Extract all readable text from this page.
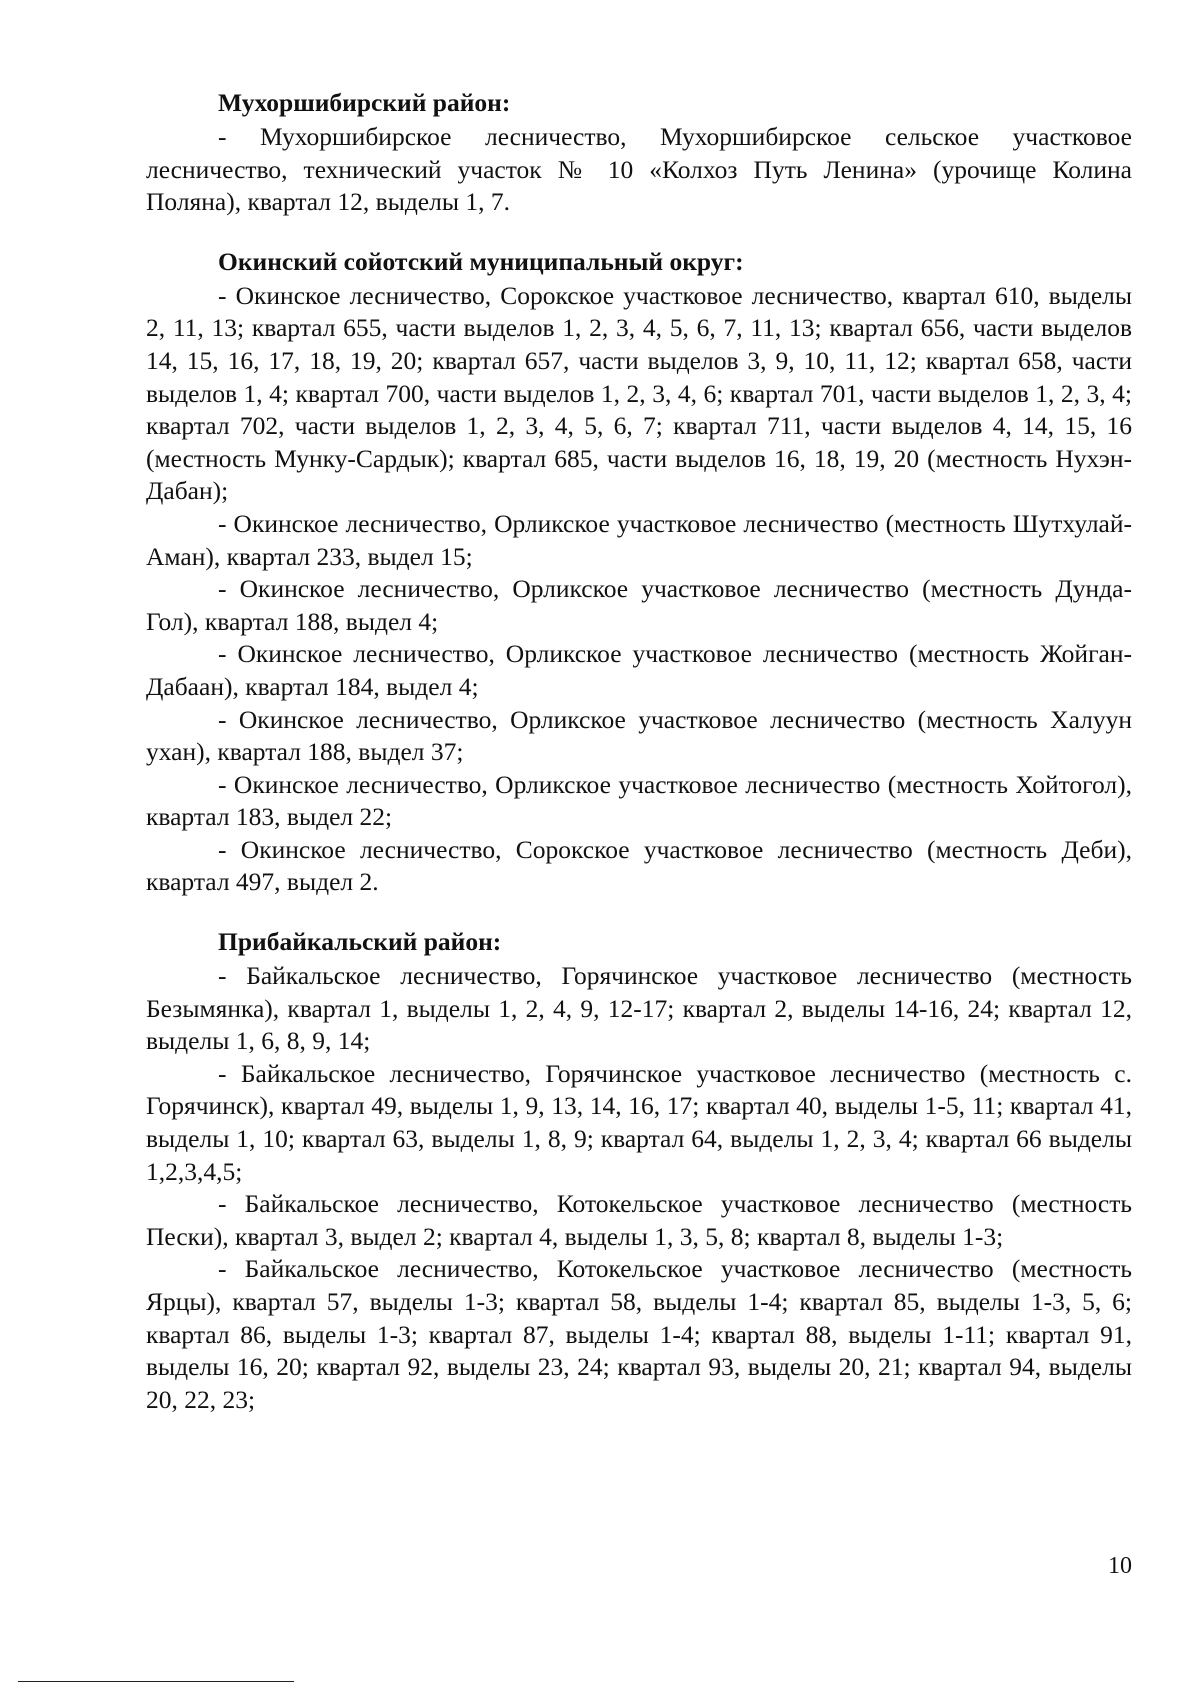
Мухоршибирский район:

- Мухоршибирское лесничество, Мухоршибирское сельское участковое лесничество, технический участок № 10 «Колхоз Путь Ленина» (урочище Колина Поляна), квартал 12, выделы 1, 7.

Окинский сойотский муниципальный округ:

- Окинское лесничество, Сорокское участковое лесничество, квартал 610, выделы 2, 11, 13; квартал 655, части выделов 1, 2, 3, 4, 5, 6, 7, 11, 13; квартал 656, части выделов 14, 15, 16, 17, 18, 19, 20; квартал 657, части выделов 3, 9, 10, 11, 12; квартал 658, части выделов 1, 4; квартал 700, части выделов 1, 2, 3, 4, 6; квартал 701, части выделов 1, 2, 3, 4; квартал 702, части выделов 1, 2, 3, 4, 5, 6, 7; квартал 711, части выделов 4, 14, 15, 16 (местность Мунку-Сардык); квартал 685, части выделов 16, 18, 19, 20 (местность Нухэн-Дабан);

- Окинское лесничество, Орликское участковое лесничество (местность Шутхулай-Аман), квартал 233, выдел 15;

- Окинское лесничество, Орликское участковое лесничество (местность Дунда-Гол), квартал 188, выдел 4;

- Окинское лесничество, Орликское участковое лесничество (местность Жойган-Дабаан), квартал 184, выдел 4;

- Окинское лесничество, Орликское участковое лесничество (местность Халуун ухан), квартал 188, выдел 37;

- Окинское лесничество, Орликское участковое лесничество (местность Хойтогол), квартал 183, выдел 22;

- Окинское лесничество, Сорокское участковое лесничество (местность Деби), квартал 497, выдел 2.

Прибайкальский район:

- Байкальское лесничество, Горячинское участковое лесничество (местность Безымянка), квартал 1, выделы 1, 2, 4, 9, 12-17; квартал 2, выделы 14-16, 24; квартал 12, выделы 1, 6, 8, 9, 14;

- Байкальское лесничество, Горячинское участковое лесничество (местность с. Горячинск), квартал 49, выделы 1, 9, 13, 14, 16, 17; квартал 40, выделы 1-5, 11; квартал 41, выделы 1, 10; квартал 63, выделы 1, 8, 9; квартал 64, выделы 1, 2, 3, 4; квартал 66 выделы 1,2,3,4,5;

- Байкальское лесничество, Котокельское участковое лесничество (местность Пески), квартал 3, выдел 2; квартал 4, выделы 1, 3, 5, 8; квартал 8, выделы 1-3;

- Байкальское лесничество, Котокельское участковое лесничество (местность Ярцы), квартал 57, выделы 1-3; квартал 58, выделы 1-4; квартал 85, выделы 1-3, 5, 6; квартал 86, выделы 1-3; квартал 87, выделы 1-4; квартал 88, выделы 1-11; квартал 91, выделы 16, 20; квартал 92, выделы 23, 24; квартал 93, выделы 20, 21; квартал 94, выделы 20, 22, 23;

10
